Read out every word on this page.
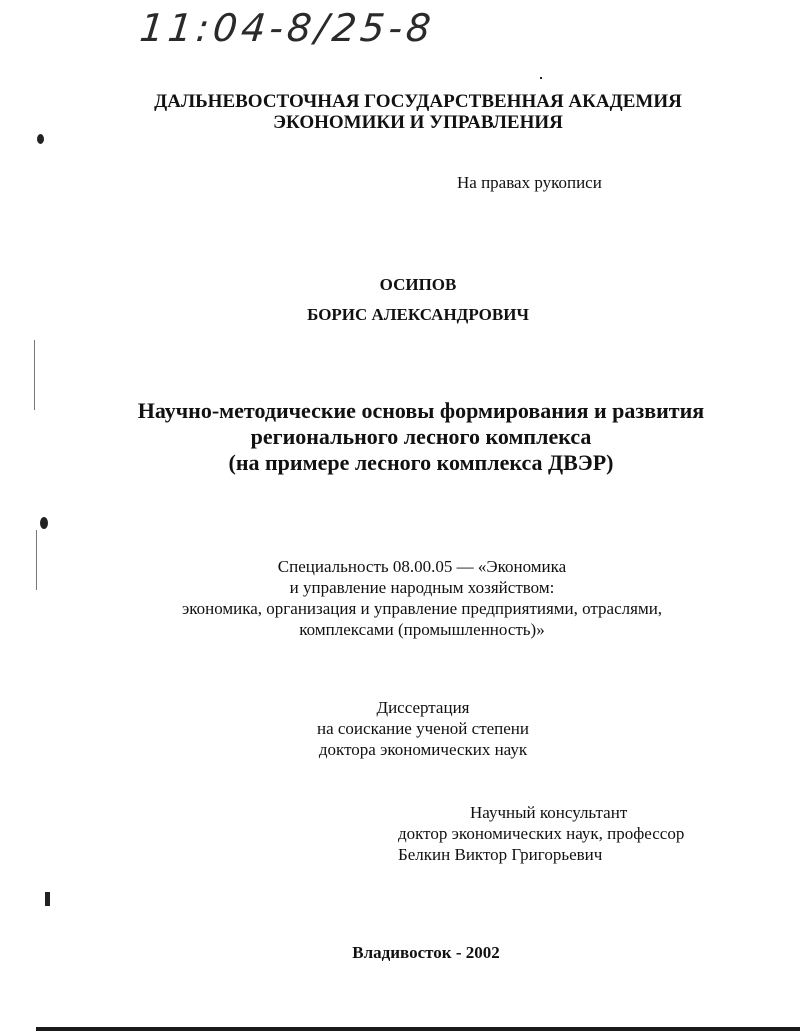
11:04-8/25-8
ДАЛЬНЕВОСТОЧНАЯ ГОСУДАРСТВЕННАЯ АКАДЕМИЯ
ЭКОНОМИКИ И УПРАВЛЕНИЯ
На правах рукописи
ОСИПОВ
БОРИС АЛЕКСАНДРОВИЧ
Научно-методические основы формирования и развития
регионального лесного комплекса
(на примере лесного комплекса ДВЭР)
Специальность 08.00.05 — «Экономика
и управление народным хозяйством:
экономика, организация и управление предприятиями, отраслями,
комплексами (промышленность)»
Диссертация
на соискание ученой степени
доктора экономических наук
Научный консультант
доктор экономических наук, профессор
Белкин Виктор Григорьевич
Владивосток - 2002
